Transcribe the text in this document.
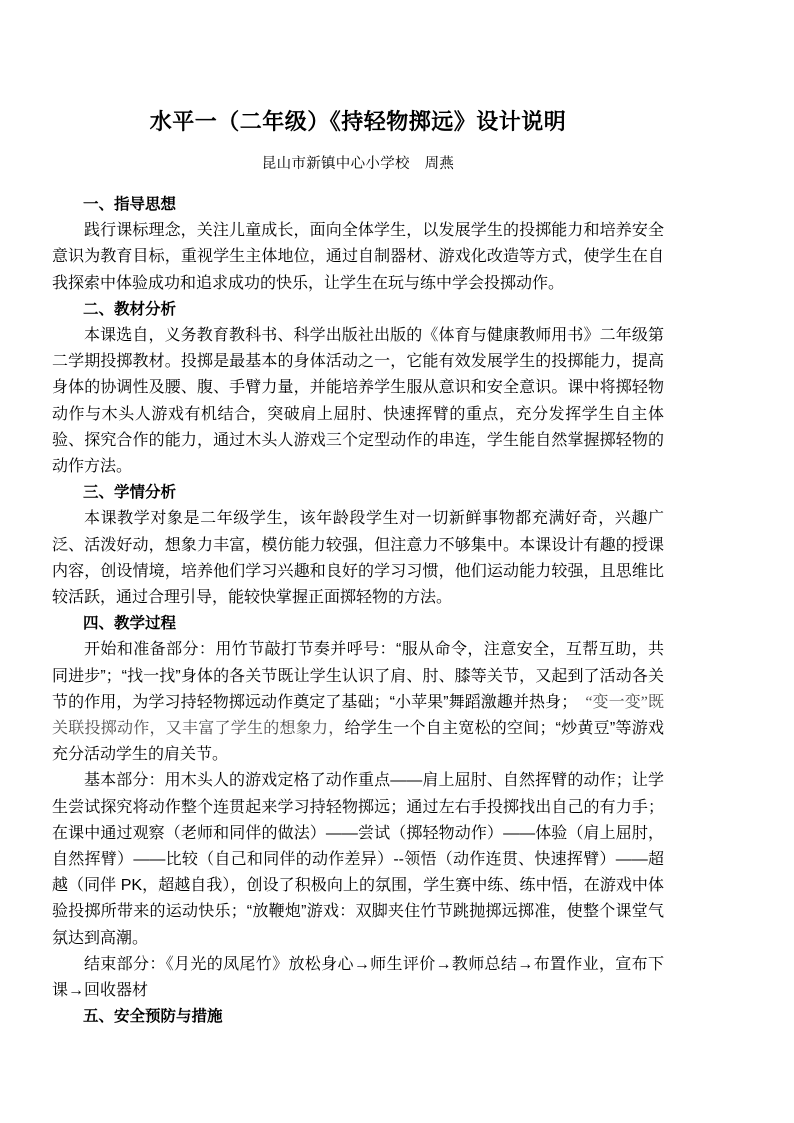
水平一（二年级）《持轻物掷远》设计说明

昆山市新镇中心小学校　周燕

一、指导思想

践行课标理念，关注儿童成长，面向全体学生，以发展学生的投掷能力和培养安全意识为教育目标，重视学生主体地位，通过自制器材、游戏化改造等方式，使学生在自我探索中体验成功和追求成功的快乐，让学生在玩与练中学会投掷动作。

二、教材分析

本课选自，义务教育教科书、科学出版社出版的《体育与健康教师用书》二年级第二学期投掷教材。投掷是最基本的身体活动之一，它能有效发展学生的投掷能力，提高身体的协调性及腰、腹、手臂力量，并能培养学生服从意识和安全意识。课中将掷轻物动作与木头人游戏有机结合，突破肩上屈肘、快速挥臂的重点，充分发挥学生自主体验、探究合作的能力，通过木头人游戏三个定型动作的串连，学生能自然掌握掷轻物的动作方法。

三、学情分析

本课教学对象是二年级学生，该年龄段学生对一切新鲜事物都充满好奇，兴趣广泛、活泼好动，想象力丰富，模仿能力较强，但注意力不够集中。本课设计有趣的授课内容，创设情境，培养他们学习兴趣和良好的学习习惯，他们运动能力较强，且思维比较活跃，通过合理引导，能较快掌握正面掷轻物的方法。

四、教学过程

开始和准备部分：用竹节敲打节奏并呼号：“服从命令，注意安全，互帮互助，共同进步”；“找一找”身体的各关节既让学生认识了肩、肘、膝等关节，又起到了活动各关节的作用，为学习持轻物掷远动作奠定了基础；“小苹果”舞蹈激趣并热身；　“变一变”既关联投掷动作，又丰富了学生的想象力，给学生一个自主宽松的空间；“炒黄豆”等游戏充分活动学生的肩关节。

基本部分：用木头人的游戏定格了动作重点——肩上屈肘、自然挥臂的动作；让学生尝试探究将动作整个连贯起来学习持轻物掷远；通过左右手投掷找出自己的有力手；在课中通过观察（老师和同伴的做法）——尝试（掷轻物动作）——体验（肩上屈肘，自然挥臂）——比较（自己和同伴的动作差异）--领悟（动作连贯、快速挥臂）——超越（同伴 PK，超越自我），创设了积极向上的氛围，学生赛中练、练中悟，在游戏中体验投掷所带来的运动快乐；“放鞭炮”游戏：双脚夹住竹节跳抛掷远掷准，使整个课堂气氛达到高潮。

结束部分：《月光的凤尾竹》放松身心→师生评价→教师总结→布置作业，宣布下课→回收器材

五、安全预防与措施
